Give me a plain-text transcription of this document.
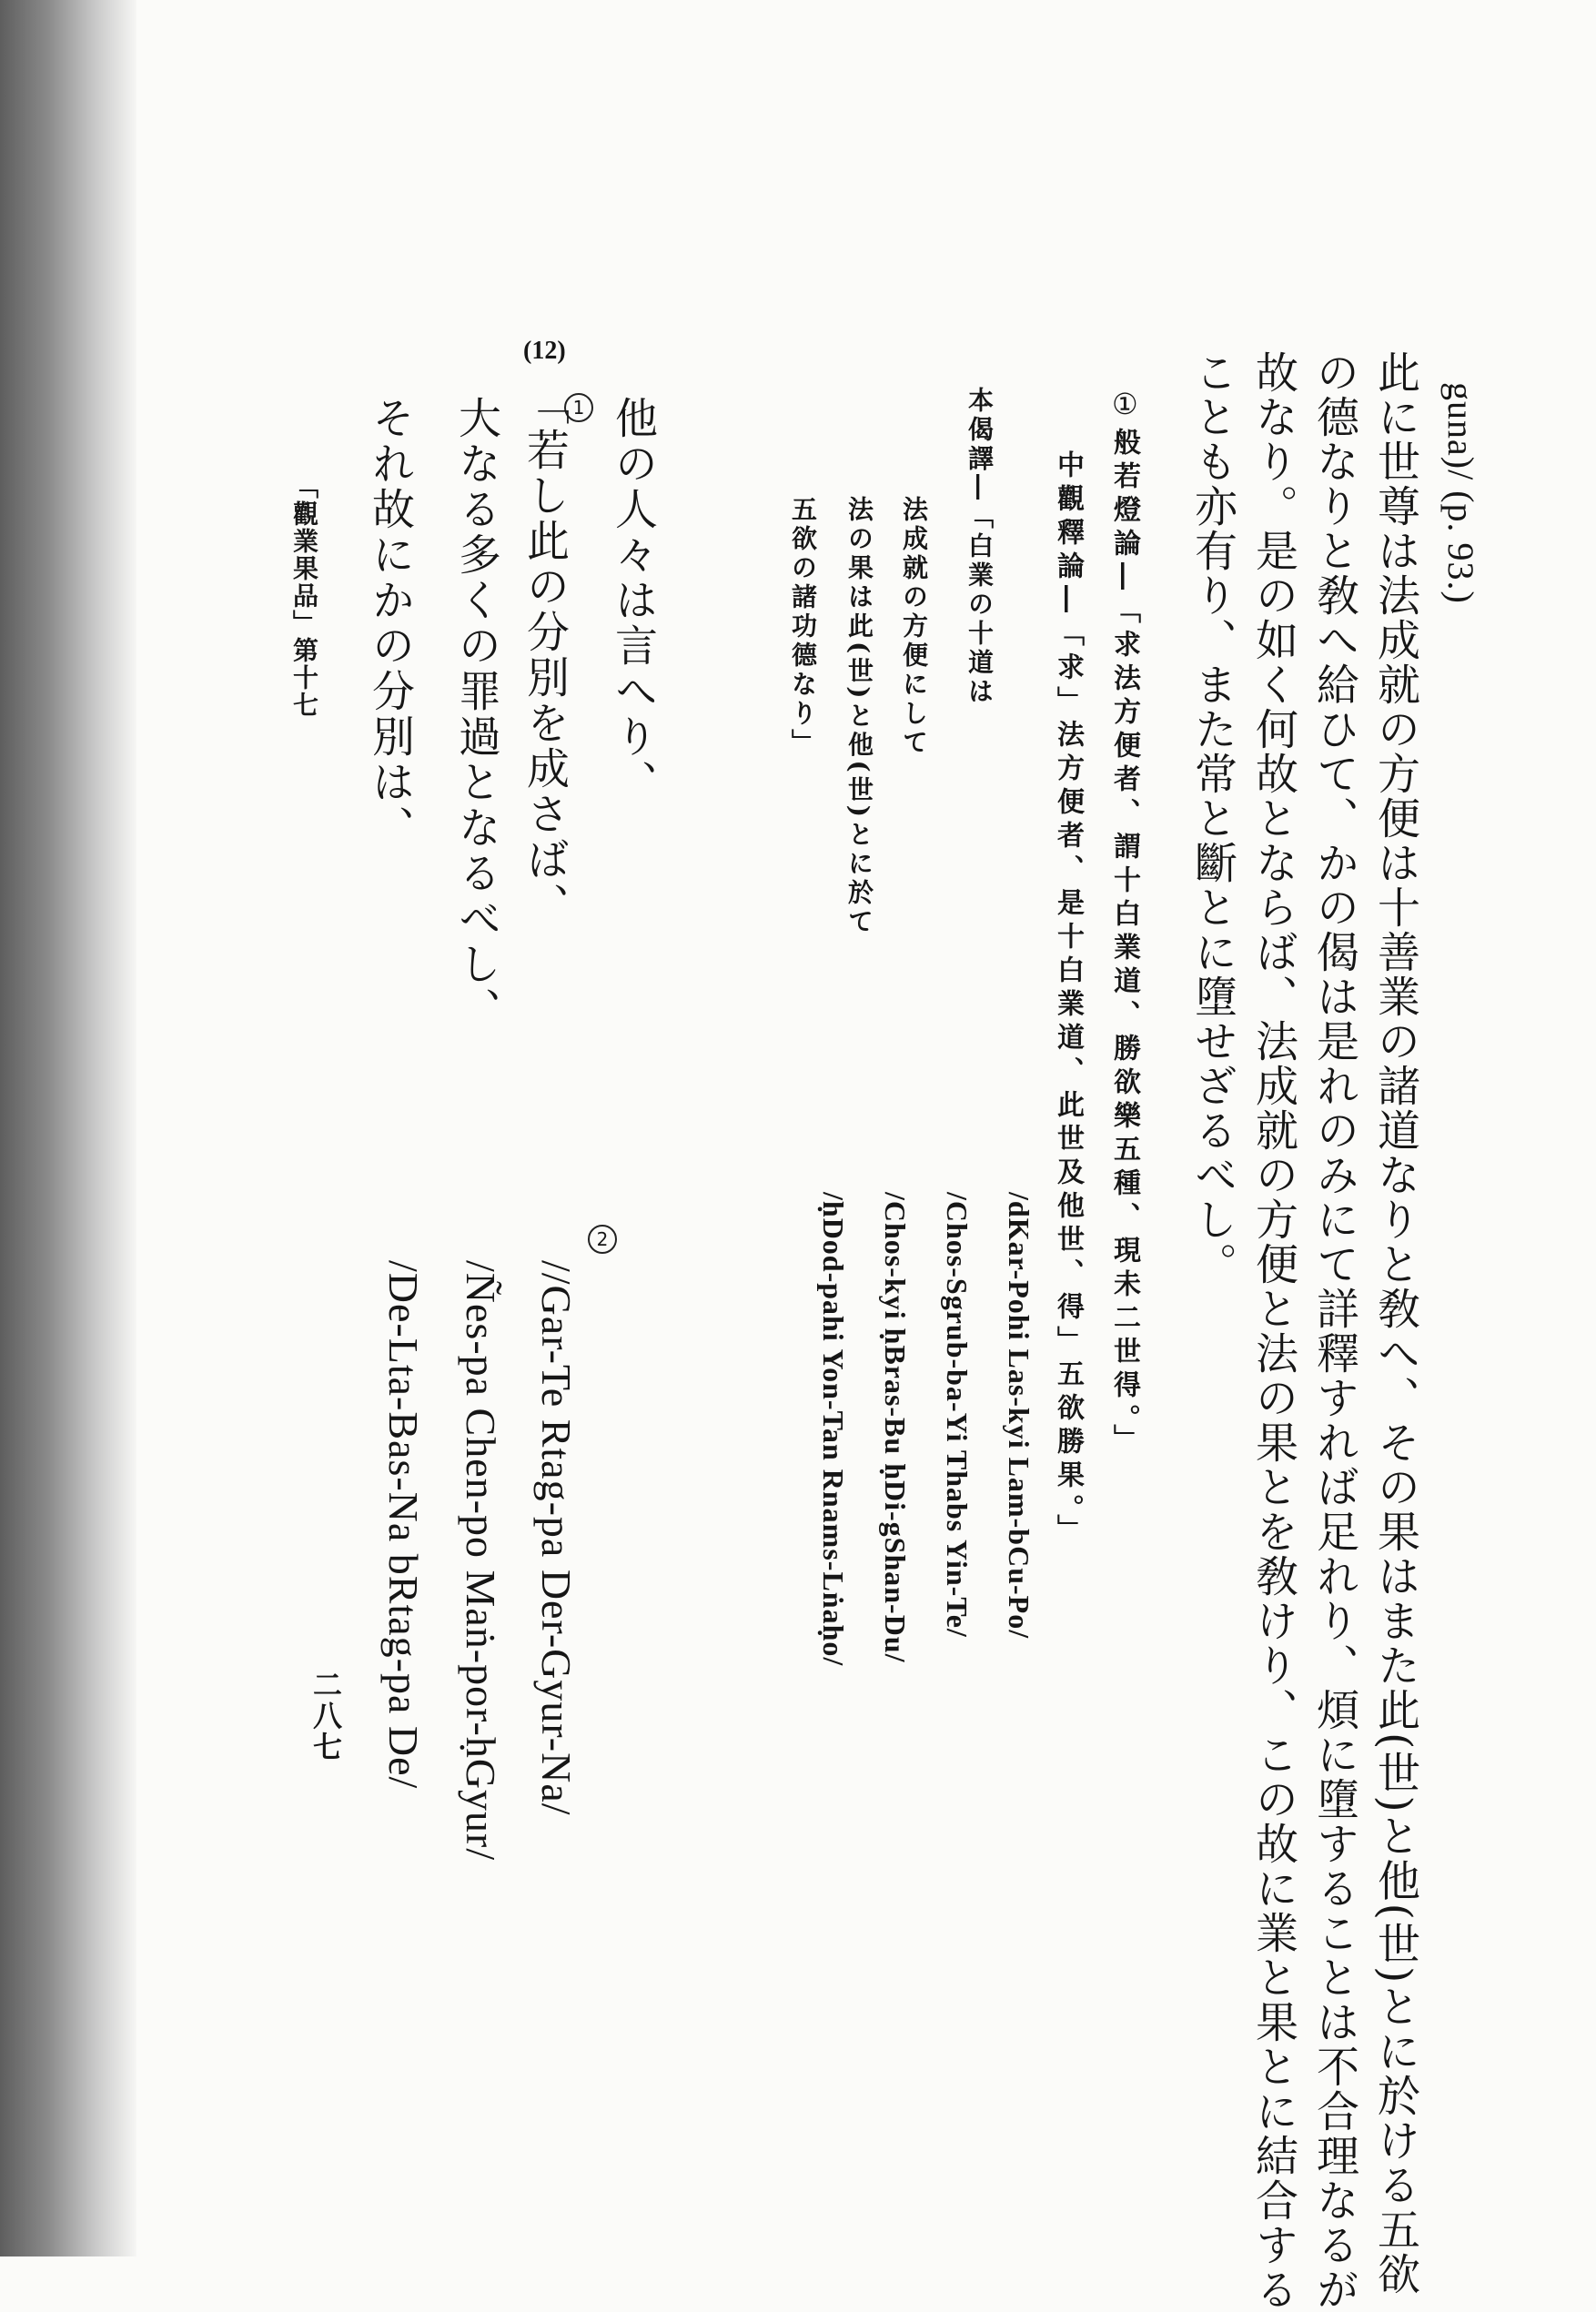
guna)/ (p. 93.)
此に世尊は法成就の方便は十善業の諸道なりと敎へ、その果はまた此(世)と他(世)とに於ける五欲
の德なりと敎へ給ひて、かの偈は是れのみにて詳釋すれば足れり、煩に墮することは不合理なるが
故なり。是の如く何故とならば、法成就の方便と法の果とを敎けり、この故に業と果とに結合する
ことも亦有り、また常と斷とに墮せざるべし。
①
般若燈論―「求法方便者、謂十白業道、勝欲樂五種、現未二世得。」
中觀釋論―「求」法方便者、是十白業道、此世及他世、得」五欲勝果。」
本偈譯―「白業の十道は
法成就の方便にして
法の果は此(世)と他(世)とに於て
五欲の諸功德なり」
/dKar-Pohi Las-kyi Lam-bCu-Po/
/Chos-Sgrub-ba-Yi Thabs Yin-Te/
/Chos-kyi ḥBras-Bu ḥDi-gShan-Du/
/ḥDod-pahi Yon-Tan Rnams-Lṅaḥo/
(12)
1
2
他の人々は言へり、
「若し此の分別を成さば、
大なる多くの罪過となるべし、
それ故にかの分別は、
//Gar-Te Rtag-pa Der-Gyur-Na/
/Ñes-pa Chen-po Maṅ-por-ḥGyur/
/De-Lta-Bas-Na bRtag-pa De/
「觀業果品」第十七
二八七
